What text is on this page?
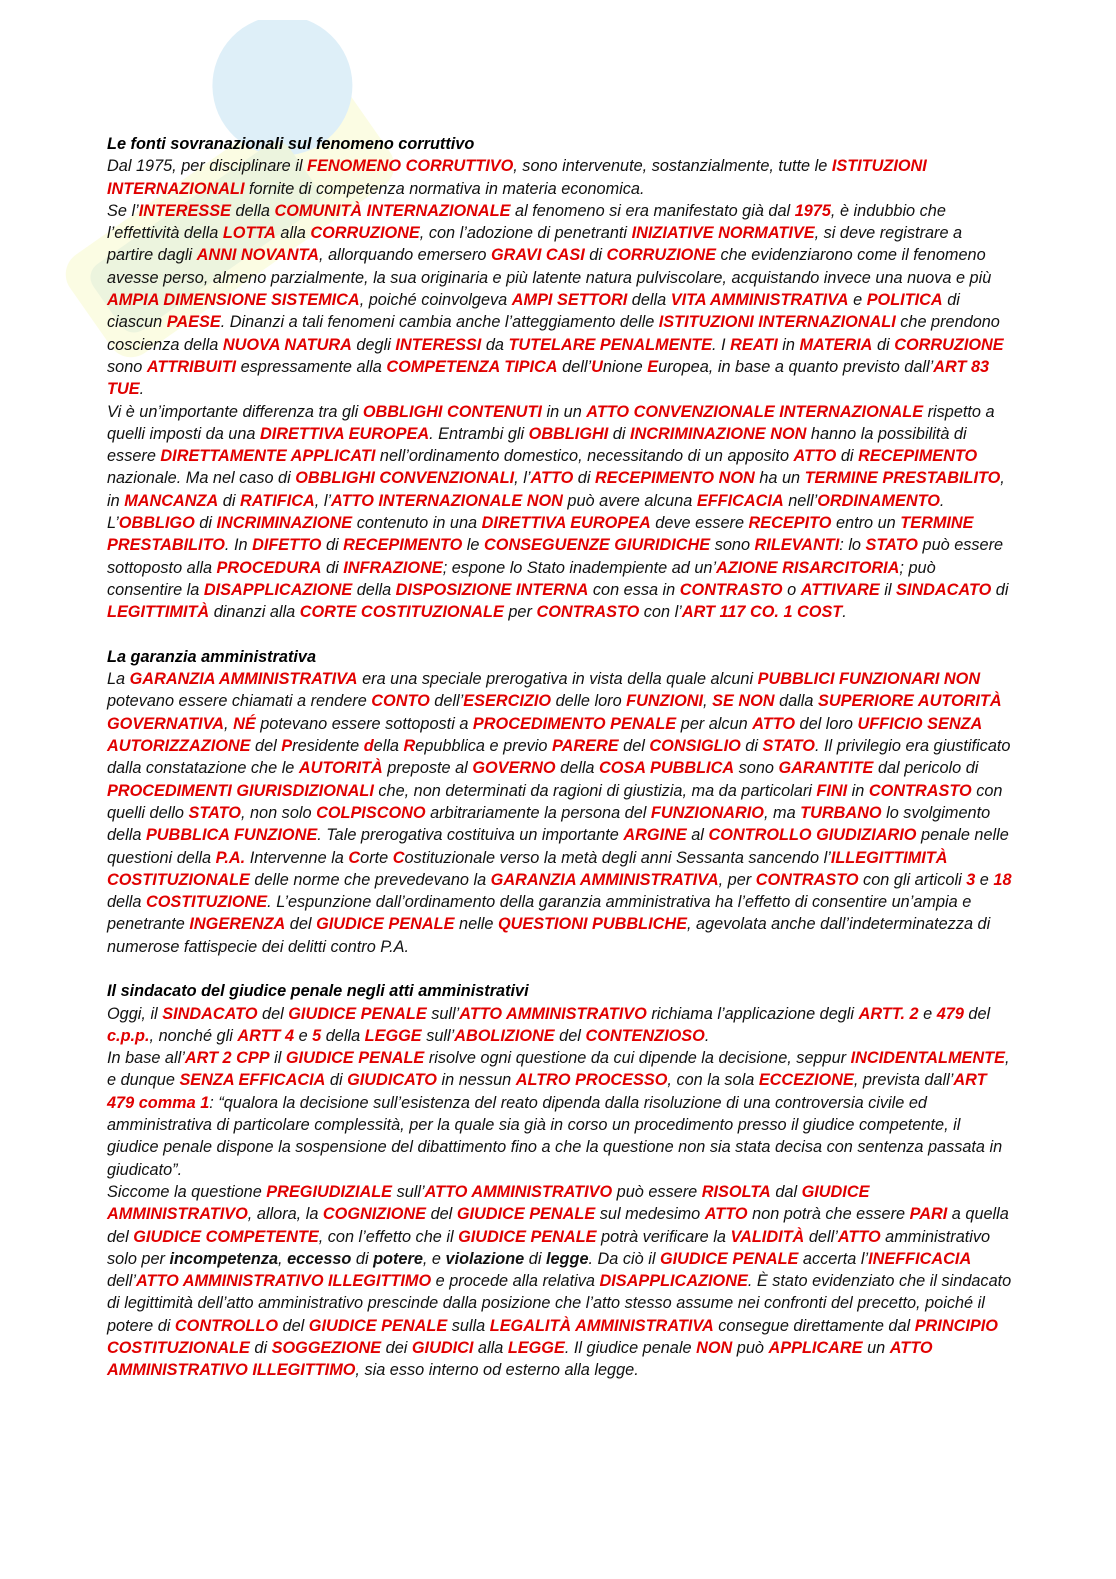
Le fonti sovranazionali sul fenomeno corruttivo
Dal 1975, per disciplinare il FENOMENO CORRUTTIVO, sono intervenute, sostanzialmente, tutte le ISTITUZIONI INTERNAZIONALI fornite di competenza normativa in materia economica.
Se l’INTERESSE della COMUNITÀ INTERNAZIONALE al fenomeno si era manifestato già dal 1975, è indubbio che l’effettività della LOTTA alla CORRUZIONE, con l’adozione di penetranti INIZIATIVE NORMATIVE, si deve registrare a partire dagli ANNI NOVANTA, allorquando emersero GRAVI CASI di CORRUZIONE che evidenziarono come il fenomeno avesse perso, almeno parzialmente, la sua originaria e più latente natura pulviscolare, acquistando invece una nuova e più AMPIA DIMENSIONE SISTEMICA, poiché coinvolgeva AMPI SETTORI della VITA AMMINISTRATIVA e POLITICA di ciascun PAESE. Dinanzi a tali fenomeni cambia anche l’atteggiamento delle ISTITUZIONI INTERNAZIONALI che prendono coscienza della NUOVA NATURA degli INTERESSI da TUTELARE PENALMENTE. I REATI in MATERIA di CORRUZIONE sono ATTRIBUITI espressamente alla COMPETENZA TIPICA dell’Unione Europea, in base a quanto previsto dall’ART 83 TUE.
Vi è un’importante differenza tra gli OBBLIGHI CONTENUTI in un ATTO CONVENZIONALE INTERNAZIONALE rispetto a quelli imposti da una DIRETTIVA EUROPEA. Entrambi gli OBBLIGHI di INCRIMINAZIONE NON hanno la possibilità di essere DIRETTAMENTE APPLICATI nell’ordinamento domestico, necessitando di un apposito ATTO di RECEPIMENTO nazionale. Ma nel caso di OBBLIGHI CONVENZIONALI, l’ATTO di RECEPIMENTO NON ha un TERMINE PRESTABILITO, in MANCANZA di RATIFICA, l’ATTO INTERNAZIONALE NON può avere alcuna EFFICACIA nell’ORDINAMENTO. L’OBBLIGO di INCRIMINAZIONE contenuto in una DIRETTIVA EUROPEA deve essere RECEPITO entro un TERMINE PRESTABILITO. In DIFETTO di RECEPIMENTO le CONSEGUENZE GIURIDICHE sono RILEVANTI: lo STATO può essere sottoposto alla PROCEDURA di INFRAZIONE; espone lo Stato inadempiente ad un’AZIONE RISARCITORIA; può consentire la DISAPPLICAZIONE della DISPOSIZIONE INTERNA con essa in CONTRASTO o ATTIVARE il SINDACATO di LEGITTIMITÀ dinanzi alla CORTE COSTITUZIONALE per CONTRASTO con l’ART 117 CO. 1 COST.
La garanzia amministrativa
La GARANZIA AMMINISTRATIVA era una speciale prerogativa in vista della quale alcuni PUBBLICI FUNZIONARI NON potevano essere chiamati a rendere CONTO dell’ESERCIZIO delle loro FUNZIONI, SE NON dalla SUPERIORE AUTORITÀ GOVERNATIVA, NÉ potevano essere sottoposti a PROCEDIMENTO PENALE per alcun ATTO del loro UFFICIO SENZA AUTORIZZAZIONE del Presidente della Repubblica e previo PARERE del CONSIGLIO di STATO. Il privilegio era giustificato dalla constatazione che le AUTORITÀ preposte al GOVERNO della COSA PUBBLICA sono GARANTITE dal pericolo di PROCEDIMENTI GIURISDIZIONALI che, non determinati da ragioni di giustizia, ma da particolari FINI in CONTRASTO con quelli dello STATO, non solo COLPISCONO arbitrariamente la persona del FUNZIONARIO, ma TURBANO lo svolgimento della PUBBLICA FUNZIONE. Tale prerogativa costituiva un importante ARGINE al CONTROLLO GIUDIZIARIO penale nelle questioni della P.A. Intervenne la Corte Costituzionale verso la metà degli anni Sessanta sancendo l’ILLEGITTIMITÀ COSTITUZIONALE delle norme che prevedevano la GARANZIA AMMINISTRATIVA, per CONTRASTO con gli articoli 3 e 18 della COSTITUZIONE. L’espunzione dall’ordinamento della garanzia amministrativa ha l’effetto di consentire un’ampia e penetrante INGERENZA del GIUDICE PENALE nelle QUESTIONI PUBBLICHE, agevolata anche dall’indeterminatezza di numerose fattispecie dei delitti contro P.A.
Il sindacato del giudice penale negli atti amministrativi
Oggi, il SINDACATO del GIUDICE PENALE sull’ATTO AMMINISTRATIVO richiama l’applicazione degli ARTT. 2 e 479 del c.p.p., nonché gli ARTT 4 e 5 della LEGGE sull’ABOLIZIONE del CONTENZIOSO.
In base all’ART 2 CPP il GIUDICE PENALE risolve ogni questione da cui dipende la decisione, seppur INCIDENTALMENTE, e dunque SENZA EFFICACIA di GIUDICATO in nessun ALTRO PROCESSO, con la sola ECCEZIONE, prevista dall’ART 479 comma 1: “qualora la decisione sull’esistenza del reato dipenda dalla risoluzione di una controversia civile ed amministrativa di particolare complessità, per la quale sia già in corso un procedimento presso il giudice competente, il giudice penale dispone la sospensione del dibattimento fino a che la questione non sia stata decisa con sentenza passata in giudicato”.
Siccome la questione PREGIUDIZIALE sull’ATTO AMMINISTRATIVO può essere RISOLTA dal GIUDICE AMMINISTRATIVO, allora, la COGNIZIONE del GIUDICE PENALE sul medesimo ATTO non potrà che essere PARI a quella del GIUDICE COMPETENTE, con l’effetto che il GIUDICE PENALE potrà verificare la VALIDITÀ dell’ATTO amministrativo solo per incompetenza, eccesso di potere, e violazione di legge. Da ciò il GIUDICE PENALE accerta l’INEFFICACIA dell’ATTO AMMINISTRATIVO ILLEGITTIMO e procede alla relativa DISAPPLICAZIONE. È stato evidenziato che il sindacato di legittimità dell’atto amministrativo prescinde dalla posizione che l’atto stesso assume nei confronti del precetto, poiché il potere di CONTROLLO del GIUDICE PENALE sulla LEGALITÀ AMMINISTRATIVA consegue direttamente dal PRINCIPIO COSTITUZIONALE di SOGGEZIONE dei GIUDICI alla LEGGE. Il giudice penale NON può APPLICARE un ATTO AMMINISTRATIVO ILLEGITTIMO, sia esso interno od esterno alla legge.
